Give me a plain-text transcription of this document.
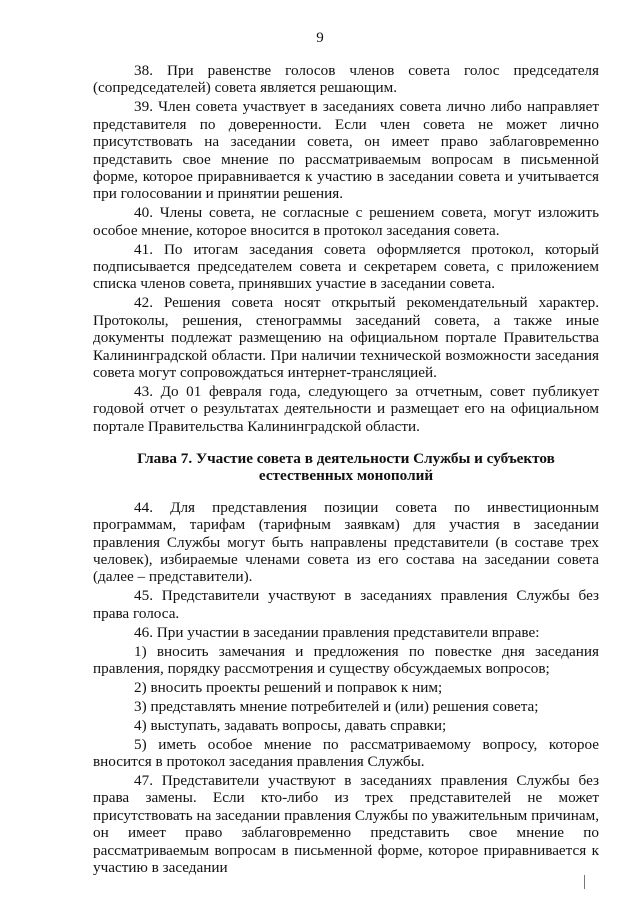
9

38. При равенстве голосов членов совета голос председателя (сопредседателей) совета является решающим.

39. Член совета участвует в заседаниях совета лично либо направляет представителя по доверенности. Если член совета не может лично присутствовать на заседании совета, он имеет право заблаговременно представить свое мнение по рассматриваемым вопросам в письменной форме, которое приравнивается к участию в заседании совета и учитывается при голосовании и принятии решения.

40. Члены совета, не согласные с решением совета, могут изложить особое мнение, которое вносится в протокол заседания совета.

41. По итогам заседания совета оформляется протокол, который подписывается председателем совета и секретарем совета, с приложением списка членов совета, принявших участие в заседании совета.

42. Решения совета носят открытый рекомендательный характер. Протоколы, решения, стенограммы заседаний совета, а также иные документы подлежат размещению на официальном портале Правительства Калининградской области. При наличии технической возможности заседания совета могут сопровождаться интернет-трансляцией.

43. До 01 февраля года, следующего за отчетным, совет публикует годовой отчет о результатах деятельности и размещает его на официальном портале Правительства Калининградской области.

Глава 7. Участие совета в деятельности Службы и субъектов естественных монополий

44. Для представления позиции совета по инвестиционным программам, тарифам (тарифным заявкам) для участия в заседании правления Службы могут быть направлены представители (в составе трех человек), избираемые членами совета из его состава на заседании совета (далее – представители).

45. Представители участвуют в заседаниях правления Службы без права голоса.

46. При участии в заседании правления представители вправе:

1) вносить замечания и предложения по повестке дня заседания правления, порядку рассмотрения и существу обсуждаемых вопросов;

2) вносить проекты решений и поправок к ним;

3) представлять мнение потребителей и (или) решения совета;

4) выступать, задавать вопросы, давать справки;

5) иметь особое мнение по рассматриваемому вопросу, которое вносится в протокол заседания правления Службы.

47. Представители участвуют в заседаниях правления Службы без права замены. Если кто-либо из трех представителей не может присутствовать на заседании правления Службы по уважительным причинам, он имеет право заблаговременно представить свое мнение по рассматриваемым вопросам в письменной форме, которое приравнивается к участию в заседании
